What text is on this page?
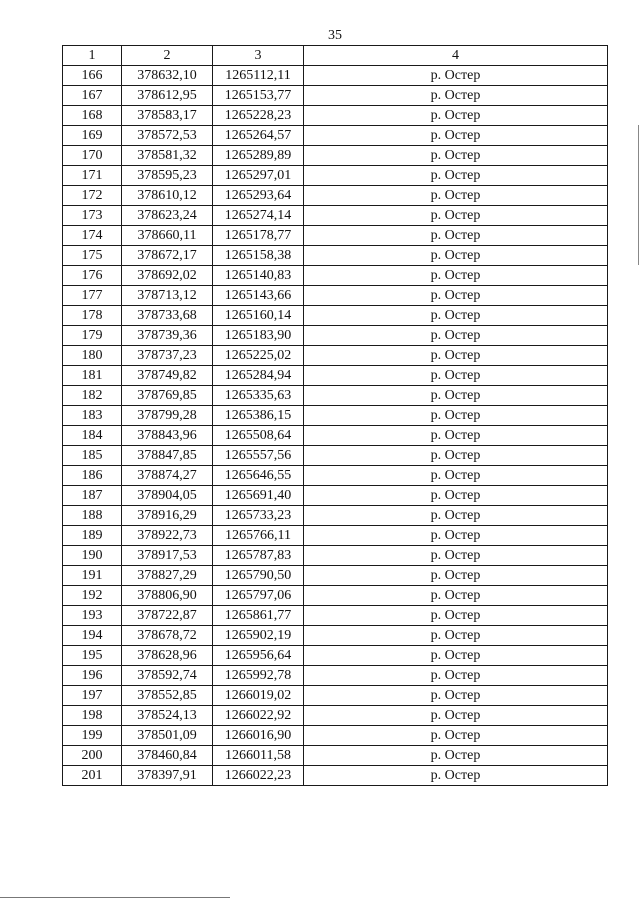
35
1	2	3	4
166	378632,10	1265112,11	р. Остер
167	378612,95	1265153,77	р. Остер
168	378583,17	1265228,23	р. Остер
169	378572,53	1265264,57	р. Остер
170	378581,32	1265289,89	р. Остер
171	378595,23	1265297,01	р. Остер
172	378610,12	1265293,64	р. Остер
173	378623,24	1265274,14	р. Остер
174	378660,11	1265178,77	р. Остер
175	378672,17	1265158,38	р. Остер
176	378692,02	1265140,83	р. Остер
177	378713,12	1265143,66	р. Остер
178	378733,68	1265160,14	р. Остер
179	378739,36	1265183,90	р. Остер
180	378737,23	1265225,02	р. Остер
181	378749,82	1265284,94	р. Остер
182	378769,85	1265335,63	р. Остер
183	378799,28	1265386,15	р. Остер
184	378843,96	1265508,64	р. Остер
185	378847,85	1265557,56	р. Остер
186	378874,27	1265646,55	р. Остер
187	378904,05	1265691,40	р. Остер
188	378916,29	1265733,23	р. Остер
189	378922,73	1265766,11	р. Остер
190	378917,53	1265787,83	р. Остер
191	378827,29	1265790,50	р. Остер
192	378806,90	1265797,06	р. Остер
193	378722,87	1265861,77	р. Остер
194	378678,72	1265902,19	р. Остер
195	378628,96	1265956,64	р. Остер
196	378592,74	1265992,78	р. Остер
197	378552,85	1266019,02	р. Остер
198	378524,13	1266022,92	р. Остер
199	378501,09	1266016,90	р. Остер
200	378460,84	1266011,58	р. Остер
201	378397,91	1266022,23	р. Остер
